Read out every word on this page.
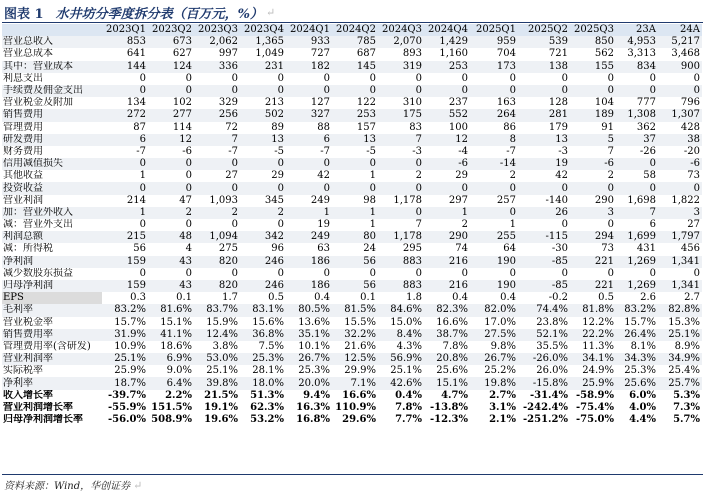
图表 1 水井坊分季度拆分表（百万元，%） ↵
	2023Q1	2023Q2	2023Q3	2023Q4	2024Q1	2024Q2	2024Q3	2024Q4	2025Q1	2025Q2	2025Q3	23A	24A
营业总收入	853	673	2,062	1,365	933	785	2,070	1,429	959	539	850	4,953	5,217
营业总成本	641	627	997	1,049	727	687	893	1,160	704	721	562	3,313	3,468
其中：营业成本	144	124	336	231	182	145	319	253	173	138	155	834	900
利息支出	0	0	0	0	0	0	0	0	0	0	0	0	0
手续费及佣金支出	0	0	0	0	0	0	0	0	0	0	0	0	0
营业税金及附加	134	102	329	213	127	122	310	237	163	128	104	777	796
销售费用	272	277	256	502	327	253	175	552	264	281	189	1,308	1,307
管理费用	87	114	72	89	88	157	83	100	86	179	91	362	428
研发费用	6	12	7	13	6	13	7	12	8	13	5	37	38
财务费用	-7	-6	-7	-5	-7	-5	-3	-4	-7	-3	7	-26	-20
信用减值损失	0	0	0	0	0	0	0	-6	-14	19	-6	0	-6
其他收益	1	0	27	29	42	1	2	29	2	42	2	58	73
投资收益	0	0	0	0	0	0	0	0	0	0	0	0	0
营业利润	214	47	1,093	345	249	98	1,178	297	257	-140	290	1,698	1,822
加：营业外收入	1	2	2	2	1	1	0	1	0	26	3	7	3
减：营业外支出	0	0	0	0	19	1	7	2	1	0	0	6	27
利润总额	215	48	1,094	342	249	80	1,178	290	255	-115	294	1,699	1,797
减：所得税	56	4	275	96	63	24	295	74	64	-30	73	431	456
净利润	159	43	820	246	186	56	883	216	190	-85	221	1,269	1,341
减少数股东损益	0	0	0	0	0	0	0	0	0	0	0	0	0
归母净利润	159	43	820	246	186	56	883	216	190	-85	221	1,269	1,341
EPS	0.3	0.1	1.7	0.5	0.4	0.1	1.8	0.4	0.4	-0.2	0.5	2.6	2.7
毛利率	83.2%	81.6%	83.7%	83.1%	80.5%	81.5%	84.6%	82.3%	82.0%	74.4%	81.8%	83.2%	82.8%
营业税金率	15.7%	15.1%	15.9%	15.6%	13.6%	15.5%	15.0%	16.6%	17.0%	23.8%	12.2%	15.7%	15.3%
销售费用率	31.9%	41.1%	12.4%	36.8%	35.1%	32.2%	8.4%	38.7%	27.5%	52.1%	22.2%	26.4%	25.1%
管理费用率(含研发)	10.9%	18.6%	3.8%	7.5%	10.1%	21.6%	4.3%	7.8%	9.8%	35.5%	11.3%	8.1%	8.9%
营业利润率	25.1%	6.9%	53.0%	25.3%	26.7%	12.5%	56.9%	20.8%	26.7%	-26.0%	34.1%	34.3%	34.9%
实际税率	25.9%	9.0%	25.1%	28.1%	25.3%	29.9%	25.1%	25.6%	25.2%	26.0%	24.9%	25.3%	25.4%
净利率	18.7%	6.4%	39.8%	18.0%	20.0%	7.1%	42.6%	15.1%	19.8%	-15.8%	25.9%	25.6%	25.7%
收入增长率	-39.7%	2.2%	21.5%	51.3%	9.4%	16.6%	0.4%	4.7%	2.7%	-31.4%	-58.9%	6.0%	5.3%
营业利润增长率	-55.9%	151.5%	19.1%	62.3%	16.3%	110.9%	7.8%	-13.8%	3.1%	-242.4%	-75.4%	4.0%	7.3%
归母净利润增长率	-56.0%	508.9%	19.6%	53.2%	16.8%	29.6%	7.7%	-12.3%	2.1%	-251.2%	-75.0%	4.4%	5.7%
资料来源：Wind，华创证券 ↵
